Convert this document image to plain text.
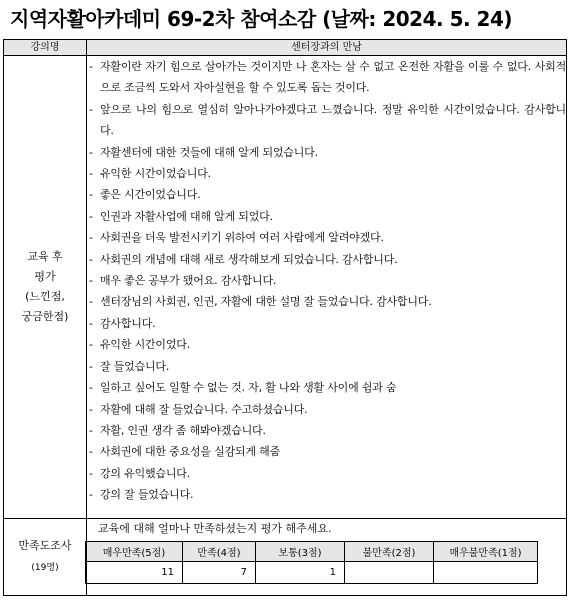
지역자활아카데미 69-2차 참여소감 (날짜: 2024. 5. 24)
강의명	센터장과의 만남

교육 후
평가
(느낀점,
궁금한점)

- 자활이란 자기 힘으로 살아가는 것이지만 나 혼자는 살 수 없고 온전한 자활을 이룰 수 없다. 사회적으로 조금씩 도와서 자아실현을 할 수 있도록 돕는 것이다.
- 앞으로 나의 힘으로 열심히 알아나가야겠다고 느꼈습니다. 정말 유익한 시간이었습니다. 감사합니다.
- 자활센터에 대한 것들에 대해 알게 되었습니다.
- 유익한 시간이었습니다.
- 좋은 시간이었습니다.
- 인권과 자활사업에 대해 알게 되었다.
- 사회권을 더욱 발전시키기 위하여 여러 사람에게 알려야겠다.
- 사회권의 개념에 대해 새로 생각해보게 되었습니다. 감사합니다.
- 매우 좋은 공부가 됐어요. 감사합니다.
- 센터장님의 사회권, 인권, 자활에 대한 설명 잘 들었습니다. 감사합니다.
- 감사합니다.
- 유익한 시간이었다.
- 잘 들었습니다.
- 일하고 싶어도 일할 수 없는 것. 자, 활 나와 생활 사이에 쉼과 숨
- 자활에 대해 잘 들었습니다. 수고하셨습니다.
- 자활, 인권 생각 좀 해봐야겠습니다.
- 사회권에 대한 중요성을 실감되게 해줌
- 강의 유익했습니다.
- 강의 잘 들었습니다.

만족도조사
(19명)

교육에 대해 얼마나 만족하셨는지 평가 해주세요.
매우만족(5점)	만족(4점)	보통(3점)	불만족(2점)	매우불만족(1점)
11	7	1		
